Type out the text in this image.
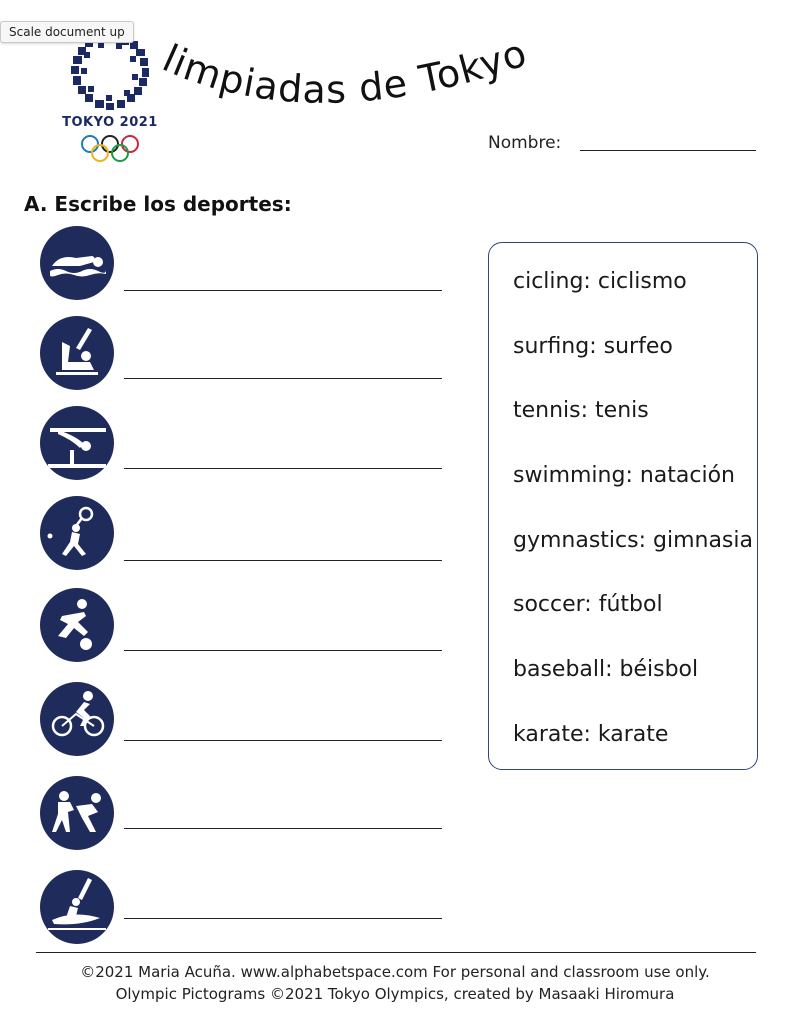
Scale document up
TOKYO 2021
limpiadas de Tokyo
Nombre:
A. Escribe los deportes:
cicling: ciclismo
surfing: surfeo
tennis: tenis
swimming: natación
gymnastics: gimnasia
soccer: fútbol
baseball: béisbol
karate: karate
©2021 Maria Acuña. www.alphabetspace.com For personal and classroom use only.
Olympic Pictograms ©2021 Tokyo Olympics, created by Masaaki Hiromura
